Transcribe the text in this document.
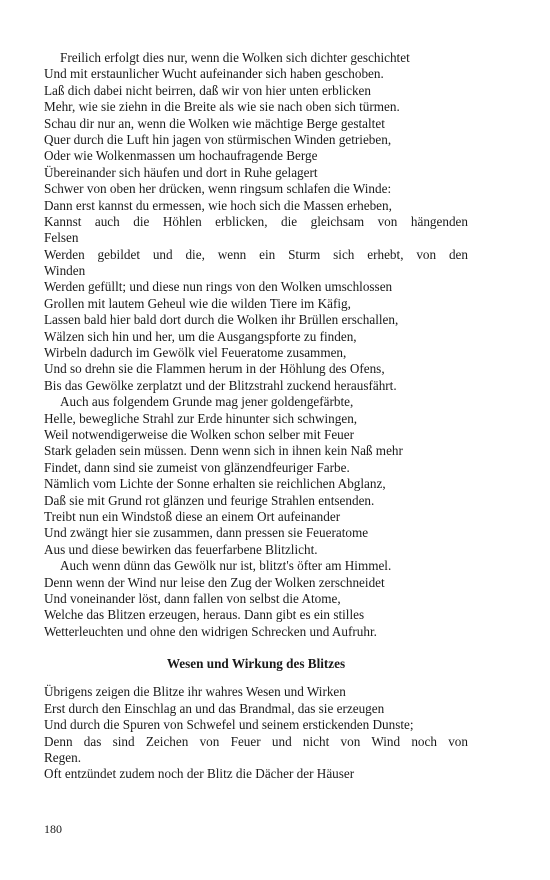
Freilich erfolgt dies nur, wenn die Wolken sich dichter geschichtet
Und mit erstaunlicher Wucht aufeinander sich haben geschoben.
Laß dich dabei nicht beirren, daß wir von hier unten erblicken
Mehr, wie sie ziehn in die Breite als wie sie nach oben sich türmen.
Schau dir nur an, wenn die Wolken wie mächtige Berge gestaltet
Quer durch die Luft hin jagen von stürmischen Winden getrieben,
Oder wie Wolkenmassen um hochaufragende Berge
Übereinander sich häufen und dort in Ruhe gelagert
Schwer von oben her drücken, wenn ringsum schlafen die Winde:
Dann erst kannst du ermessen, wie hoch sich die Massen erheben,
Kannst auch die Höhlen erblicken, die gleichsam von hängenden
Felsen
Werden gebildet und die, wenn ein Sturm sich erhebt, von den
Winden
Werden gefüllt; und diese nun rings von den Wolken umschlossen
Grollen mit lautem Geheul wie die wilden Tiere im Käfig,
Lassen bald hier bald dort durch die Wolken ihr Brüllen erschallen,
Wälzen sich hin und her, um die Ausgangspforte zu finden,
Wirbeln dadurch im Gewölk viel Feueratome zusammen,
Und so drehn sie die Flammen herum in der Höhlung des Ofens,
Bis das Gewölke zerplatzt und der Blitzstrahl zuckend herausfährt.
Auch aus folgendem Grunde mag jener goldengefärbte,
Helle, bewegliche Strahl zur Erde hinunter sich schwingen,
Weil notwendigerweise die Wolken schon selber mit Feuer
Stark geladen sein müssen. Denn wenn sich in ihnen kein Naß mehr
Findet, dann sind sie zumeist von glänzendfeuriger Farbe.
Nämlich vom Lichte der Sonne erhalten sie reichlichen Abglanz,
Daß sie mit Grund rot glänzen und feurige Strahlen entsenden.
Treibt nun ein Windstoß diese an einem Ort aufeinander
Und zwängt hier sie zusammen, dann pressen sie Feueratome
Aus und diese bewirken das feuerfarbene Blitzlicht.
Auch wenn dünn das Gewölk nur ist, blitzt's öfter am Himmel.
Denn wenn der Wind nur leise den Zug der Wolken zerschneidet
Und voneinander löst, dann fallen von selbst die Atome,
Welche das Blitzen erzeugen, heraus. Dann gibt es ein stilles
Wetterleuchten und ohne den widrigen Schrecken und Aufruhr.
Wesen und Wirkung des Blitzes
Übrigens zeigen die Blitze ihr wahres Wesen und Wirken
Erst durch den Einschlag an und das Brandmal, das sie erzeugen
Und durch die Spuren von Schwefel und seinem erstickenden Dunste;
Denn das sind Zeichen von Feuer und nicht von Wind noch von
Regen.
Oft entzündet zudem noch der Blitz die Dächer der Häuser
180
